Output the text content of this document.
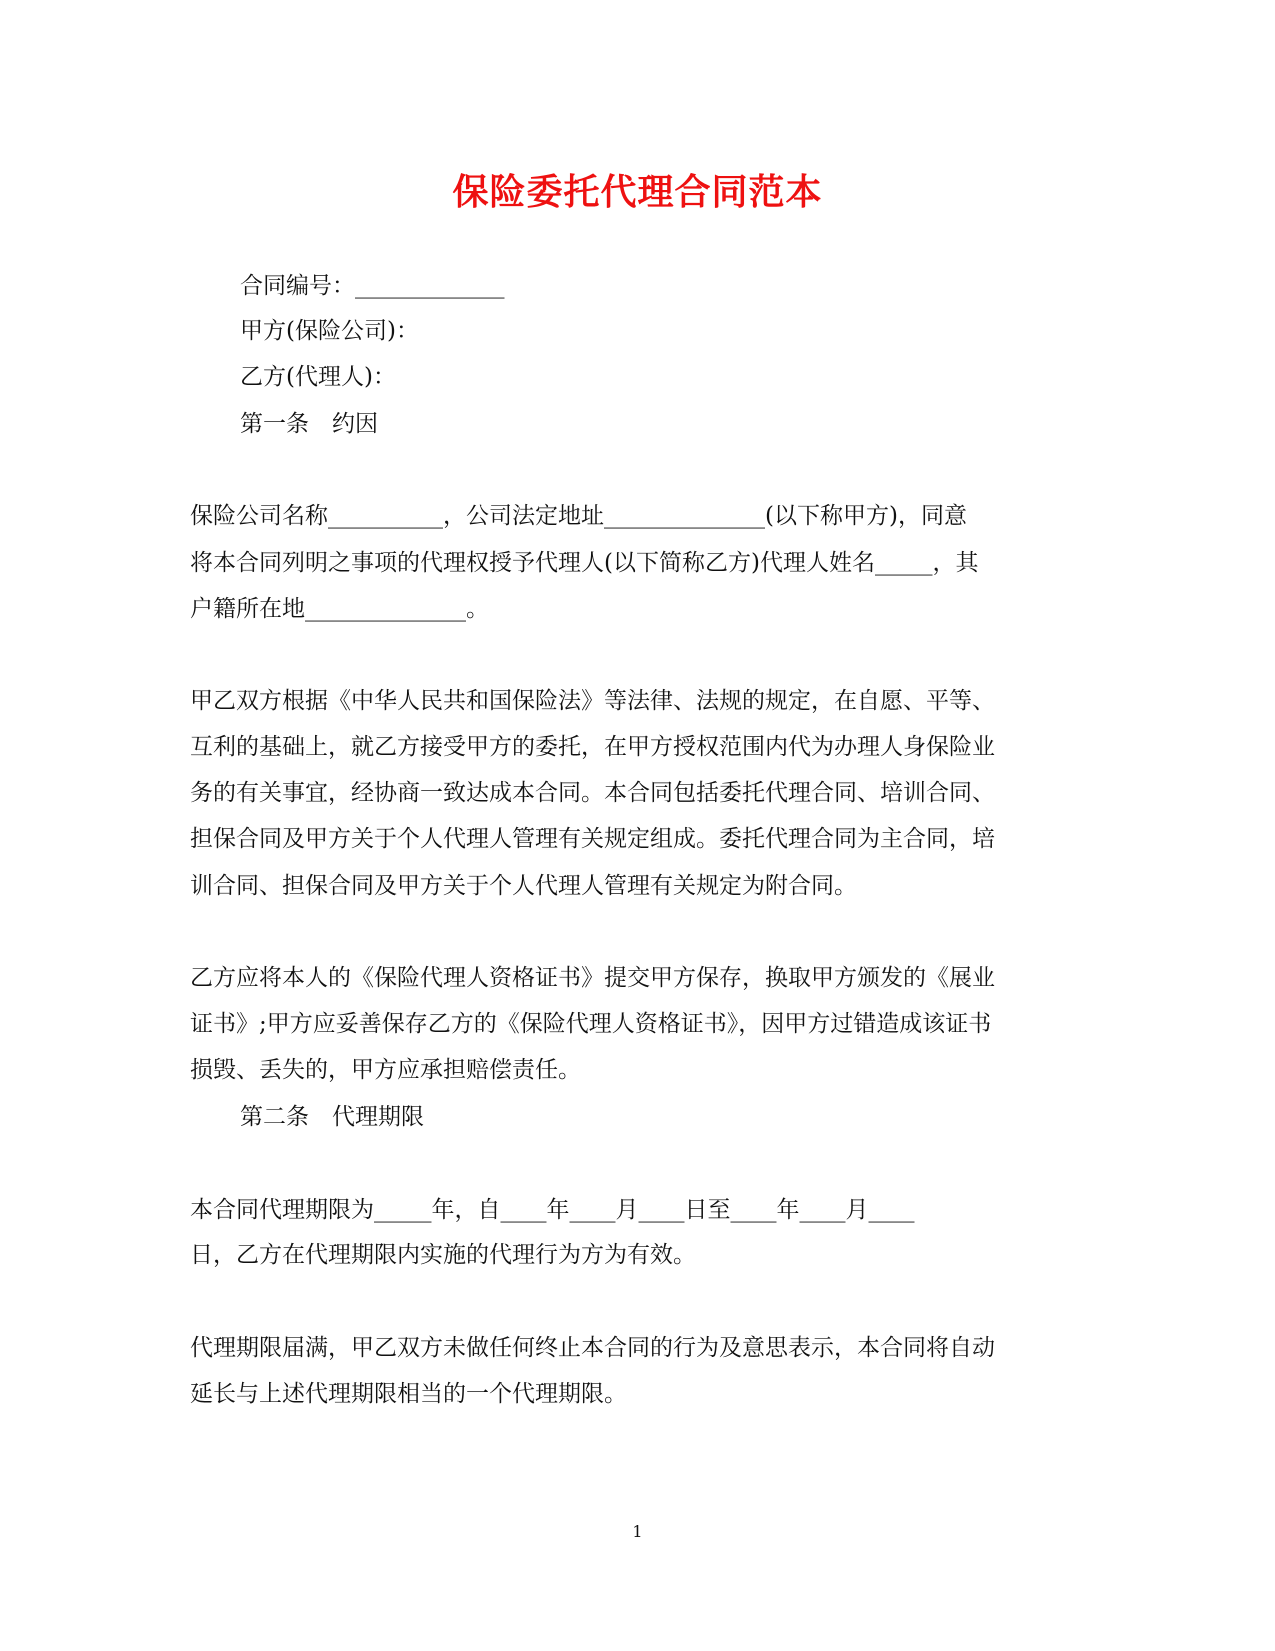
保险委托代理合同范本
合同编号：_____________
甲方(保险公司)：
乙方(代理人)：
第一条　约因
保险公司名称__________，公司法定地址______________(以下称甲方)，同意
将本合同列明之事项的代理权授予代理人(以下简称乙方)代理人姓名_____，其
户籍所在地______________。
甲乙双方根据《中华人民共和国保险法》等法律、法规的规定，在自愿、平等、
互利的基础上，就乙方接受甲方的委托，在甲方授权范围内代为办理人身保险业
务的有关事宜，经协商一致达成本合同。本合同包括委托代理合同、培训合同、
担保合同及甲方关于个人代理人管理有关规定组成。委托代理合同为主合同，培
训合同、担保合同及甲方关于个人代理人管理有关规定为附合同。
乙方应将本人的《保险代理人资格证书》提交甲方保存，换取甲方颁发的《展业
证书》;甲方应妥善保存乙方的《保险代理人资格证书》，因甲方过错造成该证书
损毁、丢失的，甲方应承担赔偿责任。
第二条　代理期限
本合同代理期限为_____年，自____年____月____日至____年____月____
日，乙方在代理期限内实施的代理行为方为有效。
代理期限届满，甲乙双方未做任何终止本合同的行为及意思表示，本合同将自动
延长与上述代理期限相当的一个代理期限。
1
